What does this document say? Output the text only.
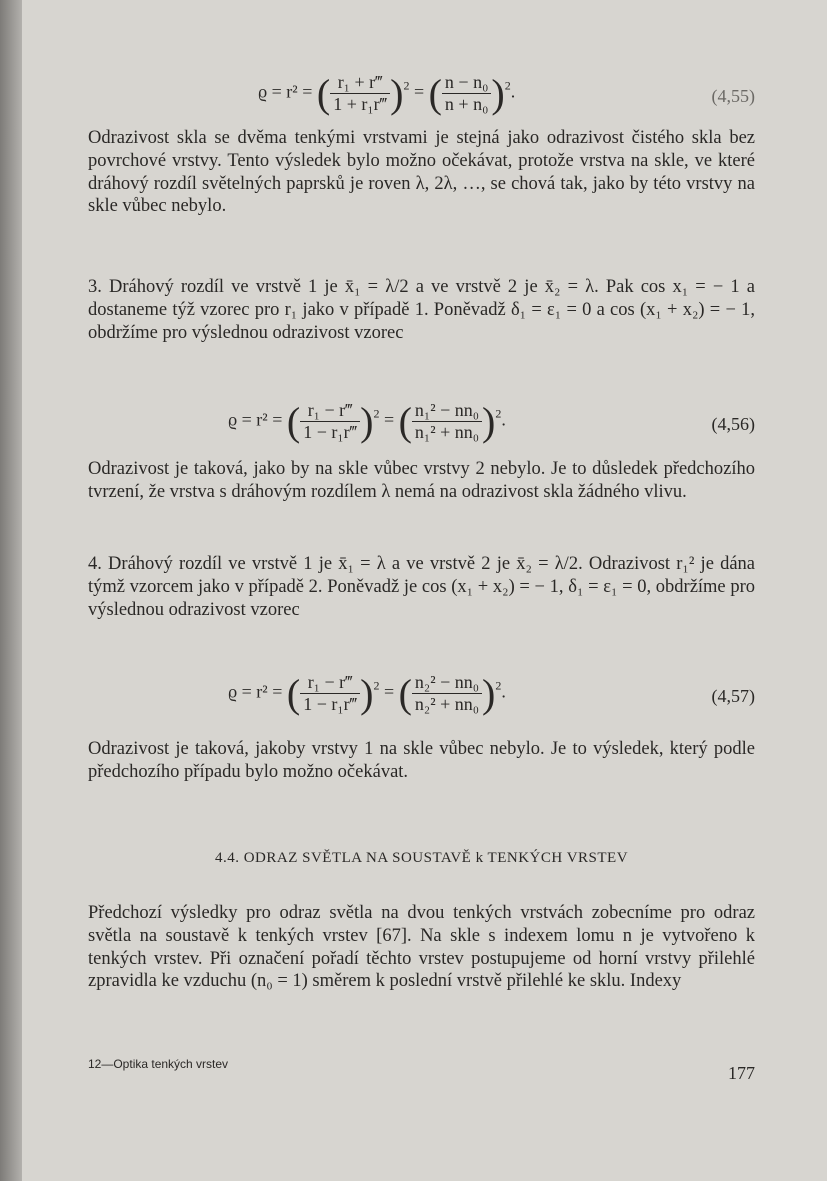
ϱ = r² = ( $\frac{\text{r₁ + r‴}}{\text{1 + r₁r‴}} )^2$ = ( $\frac{\text{n − n₀}}{\text{n + n₀}} )^2$.	(4,55)

Odrazivost skla se dvěma tenkými vrstvami je stejná jako odrazivost čistého skla bez povrchové vrstvy. Tento výsledek bylo možno očekávat, protože vrstva na skle, ve které dráhový rozdíl světelných paprsků je roven λ, 2λ, …, se chová tak, jako by této vrstvy na skle vůbec nebylo.

3. Dráhový rozdíl ve vrstvě 1 je x̄₁ = λ/2 a ve vrstvě 2 je x̄₂ = λ. Pak cos x₁ = − 1 a dostaneme týž vzorec pro r₁ jako v případě 1. Poněvadž δ₁ = ε₁ = 0 a cos (x₁ + x₂) = − 1, obdržíme pro výslednou odrazivost vzorec

ϱ = r² = ( $\frac{\text{r₁ − r‴}}{\text{1 − r₁r‴}} )^2$ = ( $\frac{\text{n₁² − nn₀}}{\text{n₁² + nn₀}} )^2$.	(4,56)

Odrazivost je taková, jako by na skle vůbec vrstvy 2 nebylo. Je to důsledek předchozího tvrzení, že vrstva s dráhovým rozdílem λ nemá na odrazivost skla žádného vlivu.

4. Dráhový rozdíl ve vrstvě 1 je x̄₁ = λ a ve vrstvě 2 je x̄₂ = λ/2. Odrazivost r₁² je dána týmž vzorcem jako v případě 2. Poněvadž je cos (x₁ + x₂) = − 1, δ₁ = ε₁ = 0, obdržíme pro výslednou odrazivost vzorec

ϱ = r² = ( $\frac{\text{r₁ − r‴}}{\text{1 − r₁r‴}} )^2$ = ( $\frac{\text{n₂² − nn₀}}{\text{n₂² + nn₀}} )^2$.	(4,57)

Odrazivost je taková, jakoby vrstvy 1 na skle vůbec nebylo. Je to výsledek, který podle předchozího případu bylo možno očekávat.

4.4. ODRAZ SVĚTLA NA SOUSTAVĚ k TENKÝCH VRSTEV

Předchozí výsledky pro odraz světla na dvou tenkých vrstvách zobecníme pro odraz světla na soustavě k tenkých vrstev [67]. Na skle s indexem lomu n je vytvořeno k tenkých vrstev. Při označení pořadí těchto vrstev postupujeme od horní vrstvy přilehlé zpravidla ke vzduchu (n₀ = 1) směrem k poslední vrstvě přilehlé ke sklu. Indexy

12—Optika tenkých vrstev	177
